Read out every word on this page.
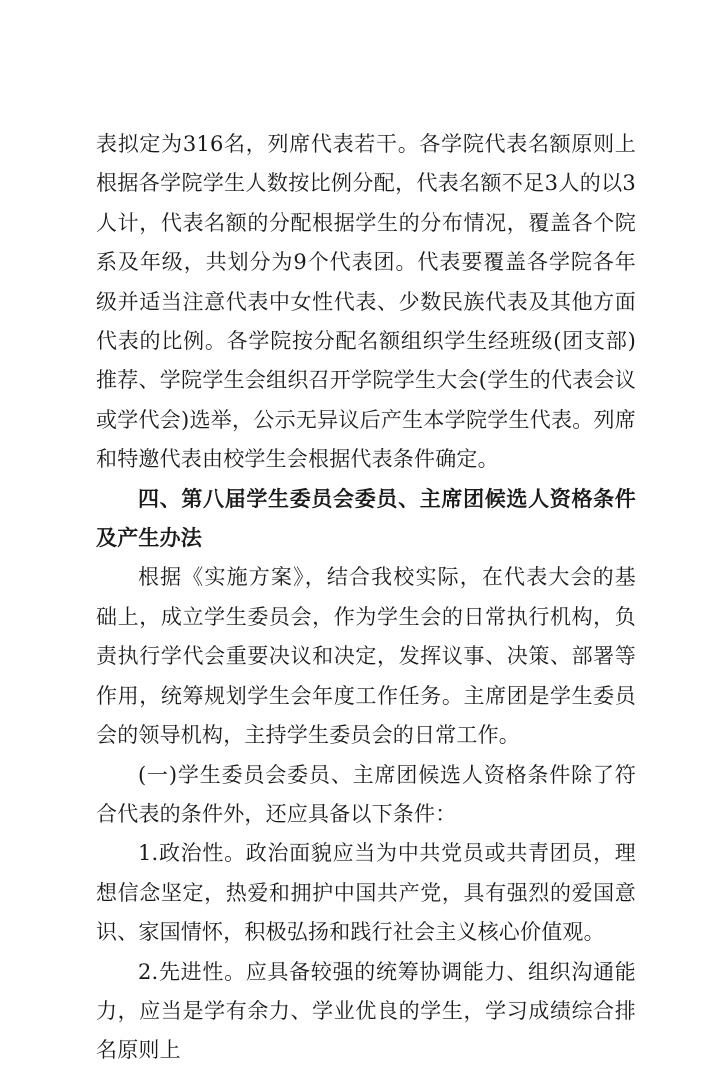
表拟定为316名，列席代表若干。各学院代表名额原则上根据各学院学生人数按比例分配，代表名额不足3人的以3人计，代表名额的分配根据学生的分布情况，覆盖各个院系及年级，共划分为9个代表团。代表要覆盖各学院各年级并适当注意代表中女性代表、少数民族代表及其他方面代表的比例。各学院按分配名额组织学生经班级(团支部)推荐、学院学生会组织召开学院学生大会(学生的代表会议或学代会)选举，公示无异议后产生本学院学生代表。列席和特邀代表由校学生会根据代表条件确定。

四、第八届学生委员会委员、主席团候选人资格条件及产生办法

根据《实施方案》，结合我校实际，在代表大会的基础上，成立学生委员会，作为学生会的日常执行机构，负责执行学代会重要决议和决定，发挥议事、决策、部署等作用，统筹规划学生会年度工作任务。主席团是学生委员会的领导机构，主持学生委员会的日常工作。

(一)学生委员会委员、主席团候选人资格条件除了符合代表的条件外，还应具备以下条件：

1.政治性。政治面貌应当为中共党员或共青团员，理想信念坚定，热爱和拥护中国共产党，具有强烈的爱国意识、家国情怀，积极弘扬和践行社会主义核心价值观。

2.先进性。应具备较强的统筹协调能力、组织沟通能力，应当是学有余力、学业优良的学生，学习成绩综合排名原则上
